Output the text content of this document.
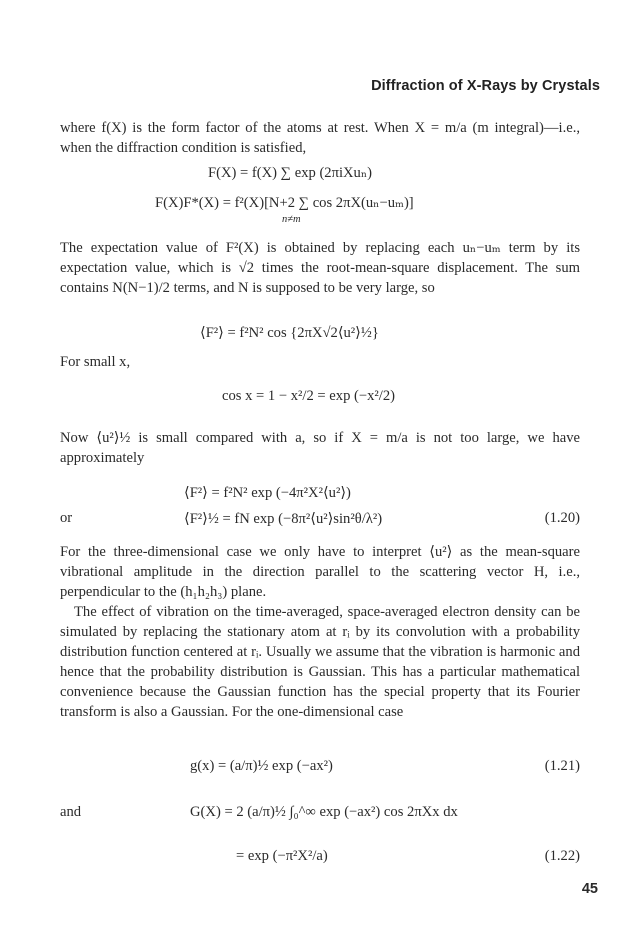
Diffraction of X-Rays by Crystals

where f(X) is the form factor of the atoms at rest. When X = m/a (m integral)—i.e., when the diffraction condition is satisfied,

F(X) = f(X) ∑ exp (2πiXuₙ)
F(X)F*(X) = f²(X)[N+2 ∑ cos 2πX(uₙ−uₘ)]
n≠m

The expectation value of F²(X) is obtained by replacing each uₙ−uₘ term by its expectation value, which is √2 times the root-mean-square displacement. The sum contains N(N−1)/2 terms, and N is supposed to be very large, so

⟨F²⟩ = f²N² cos {2πX√2⟨u²⟩½}

For small x,

cos x = 1 − x²/2 = exp (−x²/2)

Now ⟨u²⟩½ is small compared with a, so if X = m/a is not too large, we have approximately

⟨F²⟩ = f²N² exp (−4π²X²⟨u²⟩)
or	⟨F²⟩½ = fN exp (−8π²⟨u²⟩sin²θ/λ²)	(1.20)

For the three-dimensional case we only have to interpret ⟨u²⟩ as the mean-square vibrational amplitude in the direction parallel to the scattering vector H, i.e., perpendicular to the (h₁h₂h₃) plane.

The effect of vibration on the time-averaged, space-averaged electron density can be simulated by replacing the stationary atom at rᵢ by its convolution with a probability distribution function centered at rᵢ. Usually we assume that the vibration is harmonic and hence that the probability distribution is Gaussian. This has a particular mathematical convenience because the Gaussian function has the special property that its Fourier transform is also a Gaussian. For the one-dimensional case

g(x) = (a/π)½ exp (−ax²)	(1.21)
and	G(X) = 2 (a/π)½ ∫₀^∞ exp (−ax²) cos 2πXx dx
= exp (−π²X²/a)	(1.22)
45
